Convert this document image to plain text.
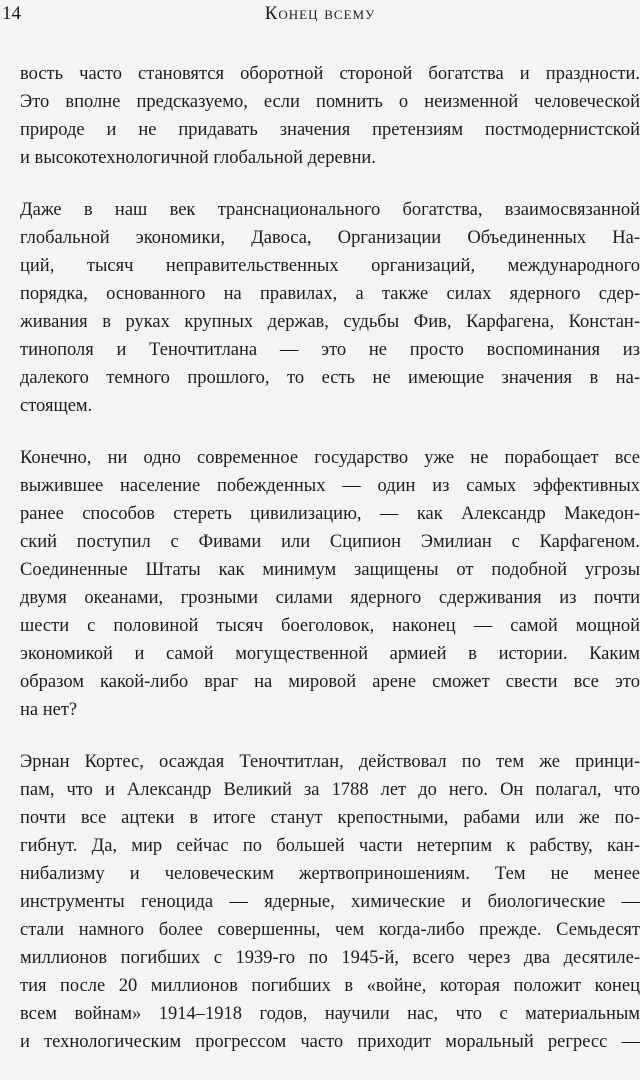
14	Конец всему
вость часто становятся оборотной стороной богатства и праздности.
Это вполне предсказуемо, если помнить о неизменной человеческой
природе и не придавать значения претензиям постмодернистской
и высокотехнологичной глобальной деревни.
Даже в наш век транснационального богатства, взаимосвязанной
глобальной экономики, Давоса, Организации Объединенных На-
ций, тысяч неправительственных организаций, международного
порядка, основанного на правилах, а также силах ядерного сдер-
живания в руках крупных держав, судьбы Фив, Карфагена, Констан-
тинополя и Теночтитлана — это не просто воспоминания из
далекого темного прошлого, то есть не имеющие значения в на-
стоящем.
Конечно, ни одно современное государство уже не порабощает все
выжившее население побежденных — один из самых эффективных
ранее способов стереть цивилизацию, — как Александр Македон-
ский поступил с Фивами или Сципион Эмилиан с Карфагеном.
Соединенные Штаты как минимум защищены от подобной угрозы
двумя океанами, грозными силами ядерного сдерживания из почти
шести с половиной тысяч боеголовок, наконец — самой мощной
экономикой и самой могущественной армией в истории. Каким
образом какой-либо враг на мировой арене сможет свести все это
на нет?
Эрнан Кортес, осаждая Теночтитлан, действовал по тем же принци-
пам, что и Александр Великий за 1788 лет до него. Он полагал, что
почти все ацтеки в итоге станут крепостными, рабами или же по-
гибнут. Да, мир сейчас по большей части нетерпим к рабству, кан-
нибализму и человеческим жертвоприношениям. Тем не менее
инструменты геноцида — ядерные, химические и биологические —
стали намного более совершенны, чем когда-либо прежде. Семьдесят
миллионов погибших с 1939-го по 1945-й, всего через два десятиле-
тия после 20 миллионов погибших в «войне, которая положит конец
всем войнам» 1914–1918 годов, научили нас, что с материальным
и технологическим прогрессом часто приходит моральный регресс —
